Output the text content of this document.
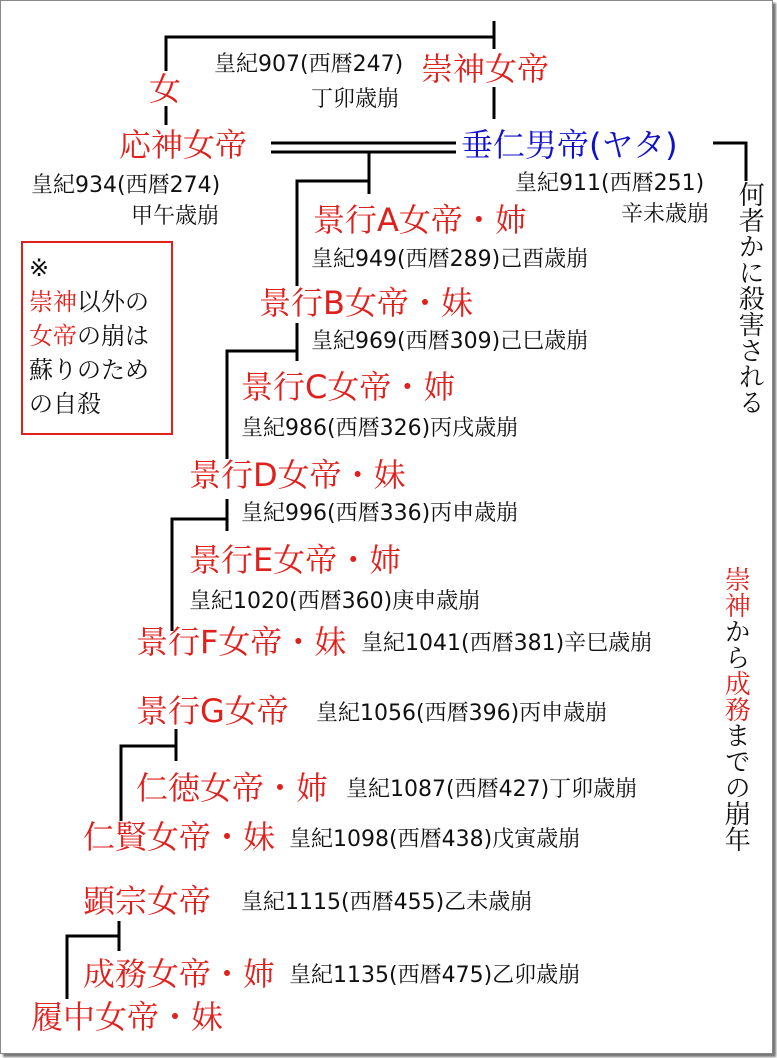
崇神女帝
皇紀907(西暦247)
丁卯歳崩
女
応神女帝
皇紀934(西暦274)
甲午歳崩
垂仁男帝(ヤタ)
皇紀911(西暦251)
辛未歳崩
景行A女帝・姉
皇紀949(西暦289)己酉歳崩
景行B女帝・妹
皇紀969(西暦309)己巳歳崩
景行C女帝・姉
皇紀986(西暦326)丙戌歳崩
景行D女帝・妹
皇紀996(西暦336)丙申歳崩
景行E女帝・姉
皇紀1020(西暦360)庚申歳崩
景行F女帝・妹 皇紀1041(西暦381)辛巳歳崩
景行G女帝 皇紀1056(西暦396)丙申歳崩
仁徳女帝・姉 皇紀1087(西暦427)丁卯歳崩
仁賢女帝・妹 皇紀1098(西暦438)戊寅歳崩
顕宗女帝 皇紀1115(西暦455)乙未歳崩
成務女帝・姉 皇紀1135(西暦475)乙卯歳崩
履中女帝・妹
何者かに殺害される
崇神から成務までの崩年
※
崇神以外の
女帝の崩は
蘇りのため
の自殺
